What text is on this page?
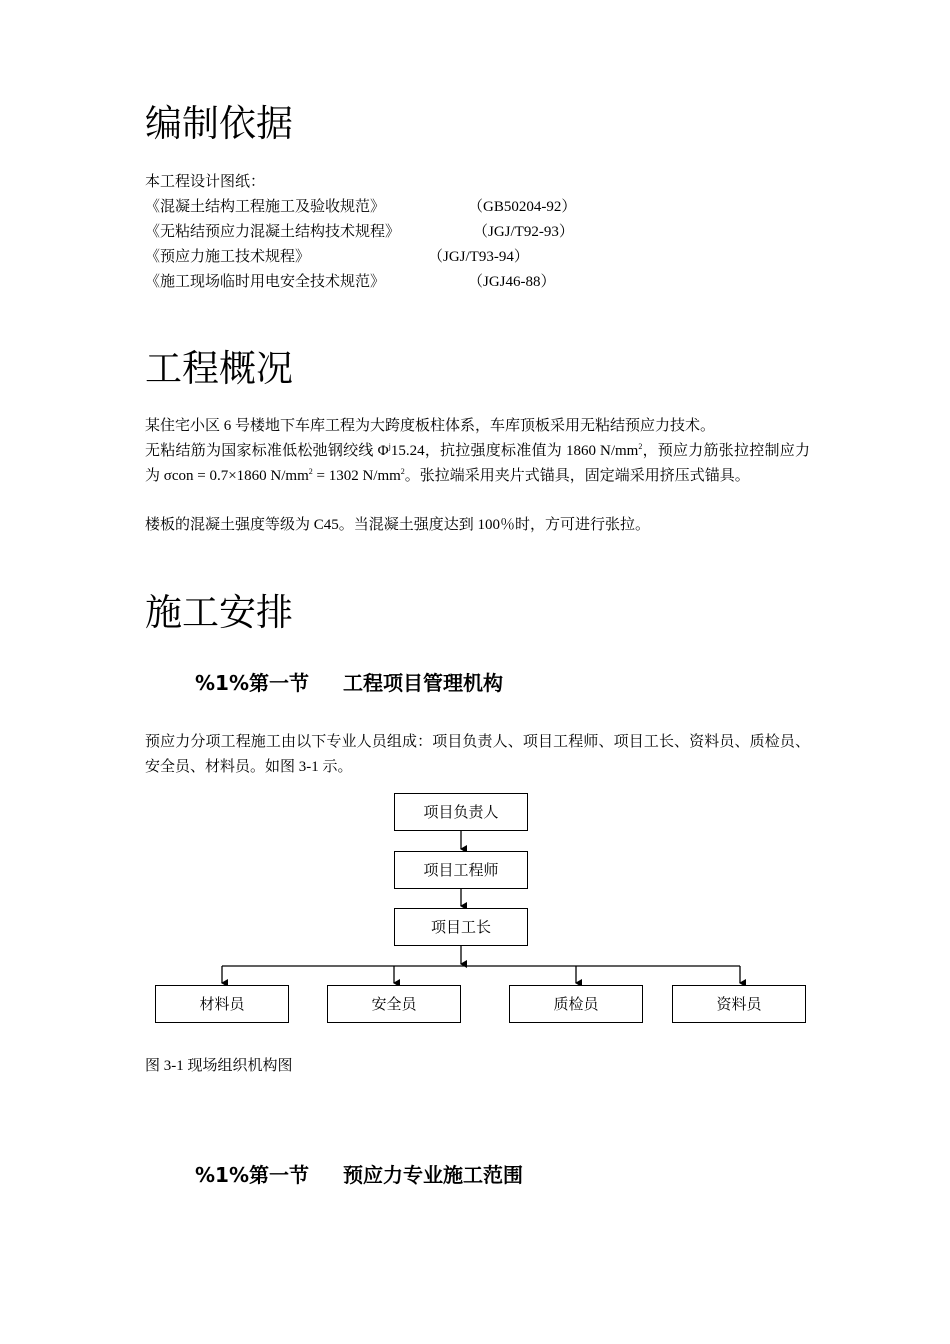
编制依据
本工程设计图纸：
《混凝土结构工程施工及验收规范》	（GB50204-92）
《无粘结预应力混凝土结构技术规程》	（JGJ/T92-93）
《预应力施工技术规程》	（JGJ/T93-94）
《施工现场临时用电安全技术规范》	（JGJ46-88）
工程概况

某住宅小区 6 号楼地下车库工程为大跨度板柱体系，车库顶板采用无粘结预应力技术。

无粘结筋为国家标准低松弛钢绞线 $\Phi^j15.24$，抗拉强度标准值为 1860 $N/mm^2$，预应力筋张拉控制应力为 σcon = 0.7×1860 $N/mm^2 = 1302$ $N/mm^2$。张拉端采用夹片式锚具，固定端采用挤压式锚具。

楼板的混凝土强度等级为 C45。当混凝土强度达到 100％时，方可进行张拉。

施工安排
%1%第一节 工程项目管理机构

预应力分项工程施工由以下专业人员组成：项目负责人、项目工程师、项目工长、资料员、质检员、安全员、材料员。如图 3-1 示。

项目负责人
项目工程师
项目工长
材料员	安全员	质检员	资料员
图 3-1 现场组织机构图
%1%第一节 预应力专业施工范围
